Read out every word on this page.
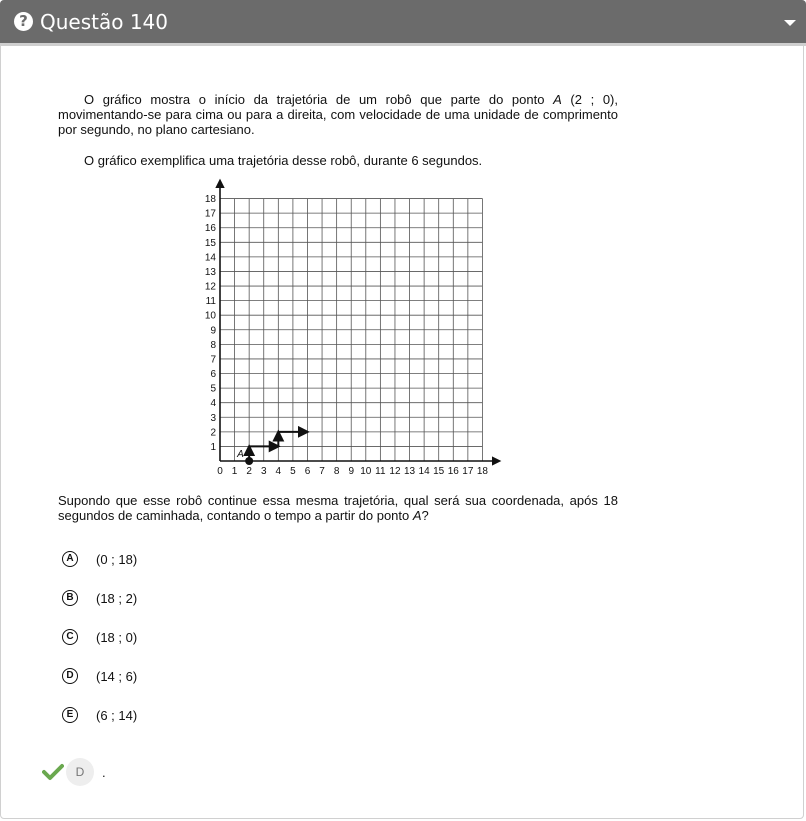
? Questão 140

O gráfico mostra o início da trajetória de um robô que parte do ponto A (2 ; 0), movimentando-se para cima ou para a direita, com velocidade de uma unidade de comprimento por segundo, no plano cartesiano.

O gráfico exemplifica uma trajetória desse robô, durante 6 segundos.

0 1 2 3 4 5 6 7 8 9 10 11 12 13 14 15 16 17 18
1
2
3
4
5
6
7
8
9
10
11
12
13
14
15
16
17
18
A

Supondo que esse robô continue essa mesma trajetória, qual será sua coordenada, após 18 segundos de caminhada, contando o tempo a partir do ponto A?

A	(0 ; 18)
B	(18 ; 2)
C	(18 ; 0)
D	(14 ; 6)
E	(6 ; 14)
D	.
